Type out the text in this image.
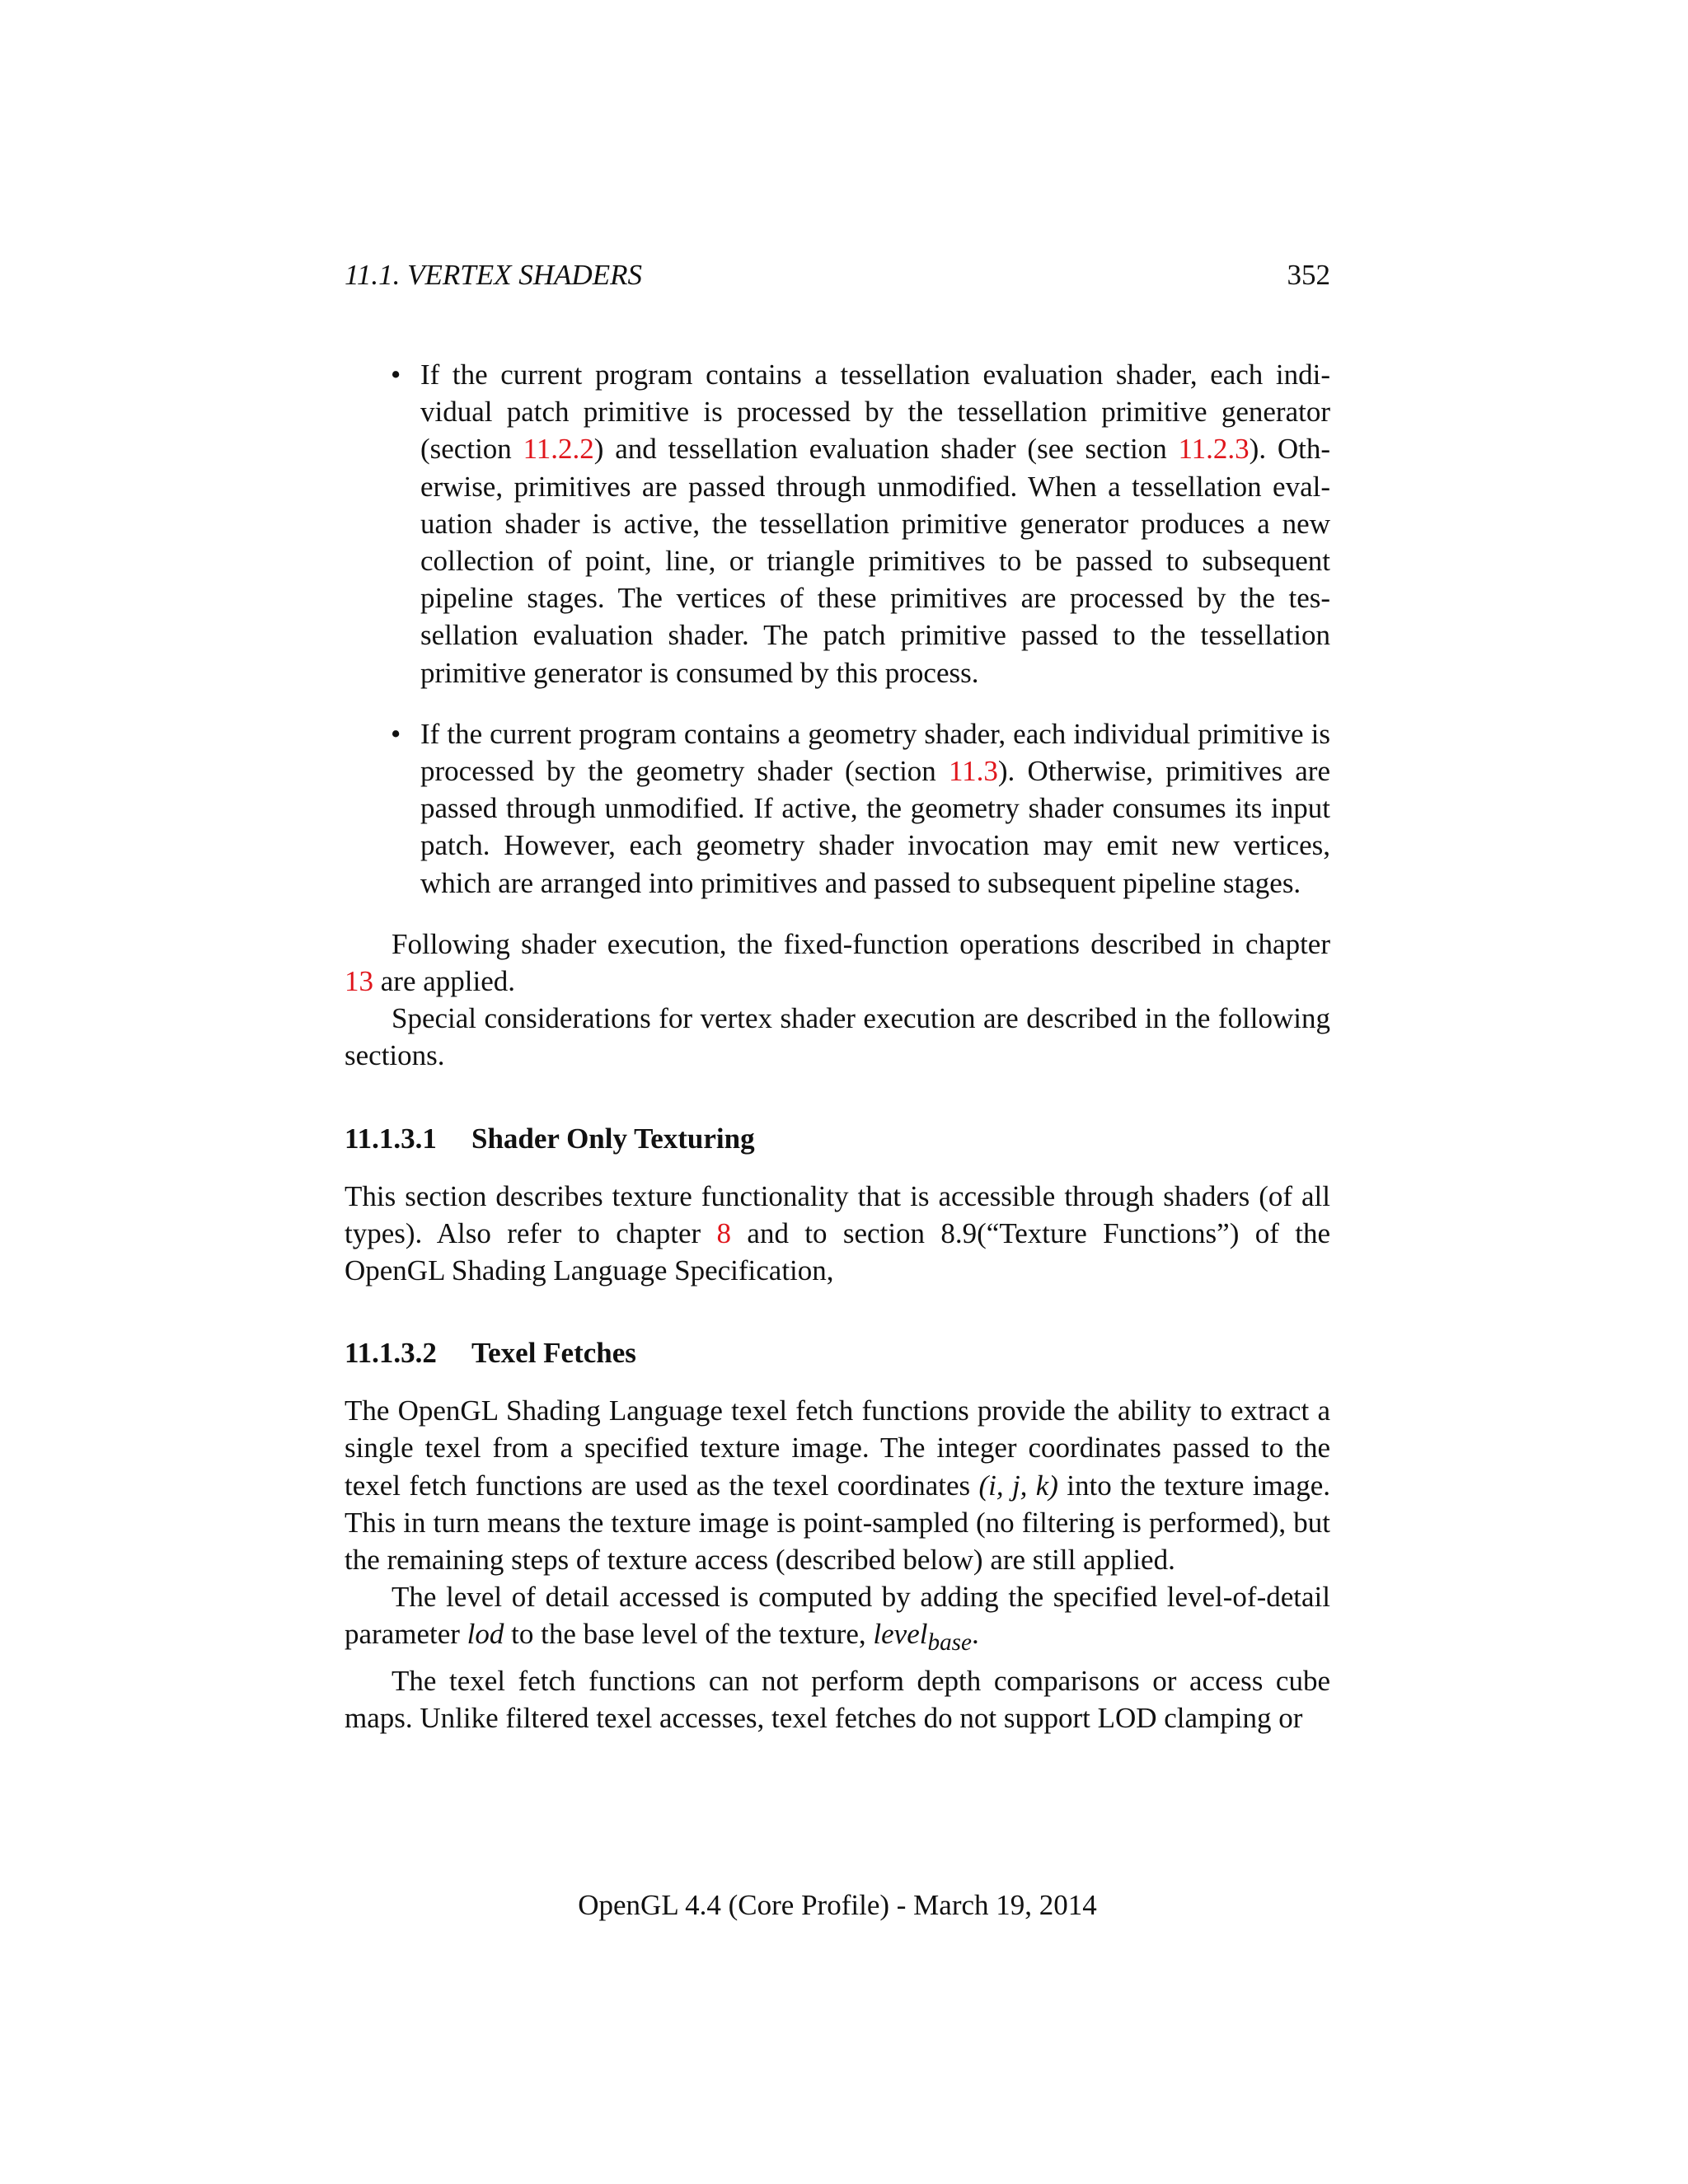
11.1. VERTEX SHADERS	352
• If the current program contains a tessellation evaluation shader, each individual patch primitive is processed by the tessellation primitive generator (section 11.2.2) and tessellation evaluation shader (see section 11.2.3). Otherwise, primitives are passed through unmodified. When a tessellation evaluation shader is active, the tessellation primitive generator produces a new collection of point, line, or triangle primitives to be passed to subsequent pipeline stages. The vertices of these primitives are processed by the tessellation evaluation shader. The patch primitive passed to the tessellation primitive generator is consumed by this process.
• If the current program contains a geometry shader, each individual primitive is processed by the geometry shader (section 11.3). Otherwise, primitives are passed through unmodified. If active, the geometry shader consumes its input patch. However, each geometry shader invocation may emit new vertices, which are arranged into primitives and passed to subsequent pipeline stages.

Following shader execution, the fixed-function operations described in chapter 13 are applied.

Special considerations for vertex shader execution are described in the following sections.

11.1.3.1 Shader Only Texturing

This section describes texture functionality that is accessible through shaders (of all types). Also refer to chapter 8 and to section 8.9(“Texture Functions”) of the OpenGL Shading Language Specification,

11.1.3.2 Texel Fetches

The OpenGL Shading Language texel fetch functions provide the ability to extract a single texel from a specified texture image. The integer coordinates passed to the texel fetch functions are used as the texel coordinates (i, j, k) into the texture image. This in turn means the texture image is point-sampled (no filtering is performed), but the remaining steps of texture access (described below) are still applied.

The level of detail accessed is computed by adding the specified level-of-detail parameter lod to the base level of the texture, level$_{base}$.

The texel fetch functions can not perform depth comparisons or access cube maps. Unlike filtered texel accesses, texel fetches do not support LOD clamping or

OpenGL 4.4 (Core Profile) - March 19, 2014
